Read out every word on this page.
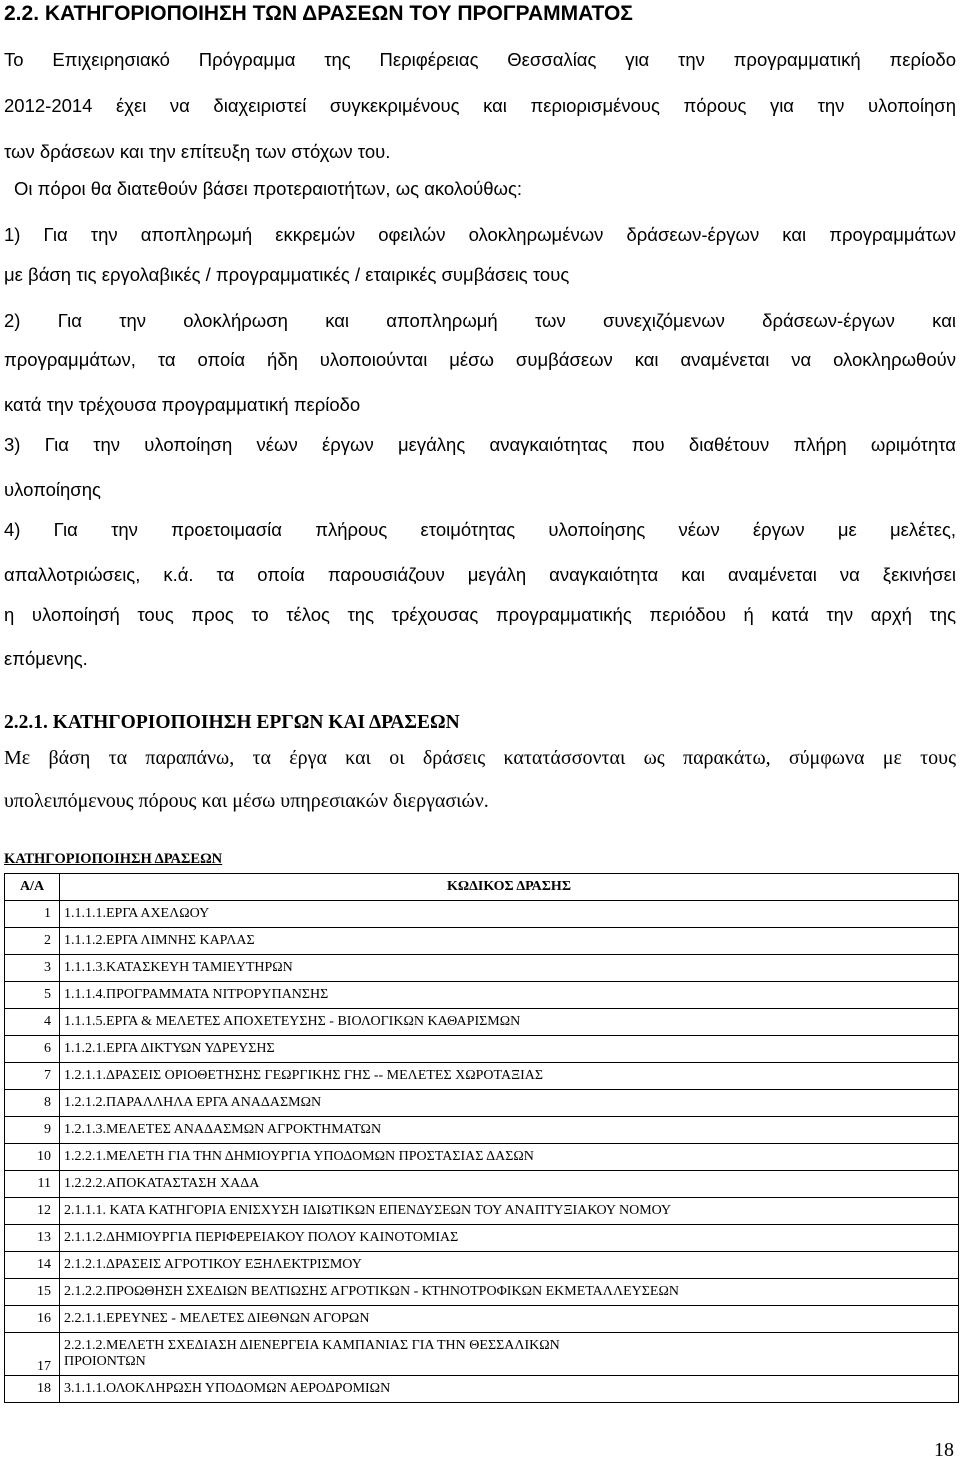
2.2. ΚΑΤΗΓΟΡΙΟΠΟΙΗΣΗ ΤΩΝ ΔΡΑΣΕΩΝ ΤΟΥ ΠΡΟΓΡΑΜΜΑΤΟΣ
Το Επιχειρησιακό Πρόγραμμα της Περιφέρειας Θεσσαλίας για την προγραμματική περίοδο
2012-2014 έχει να διαχειριστεί συγκεκριμένους και περιορισμένους πόρους για την υλοποίηση
των δράσεων και την επίτευξη των στόχων του.
Οι πόροι θα διατεθούν βάσει προτεραιοτήτων, ως ακολούθως:
1) Για την αποπληρωμή εκκρεμών οφειλών ολοκληρωμένων δράσεων-έργων και προγραμμάτων
με βάση τις εργολαβικές / προγραμματικές / εταιρικές συμβάσεις τους
2) Για την ολοκλήρωση και αποπληρωμή των συνεχιζόμενων δράσεων-έργων και
προγραμμάτων, τα οποία ήδη υλοποιούνται μέσω συμβάσεων και αναμένεται να ολοκληρωθούν
κατά την τρέχουσα προγραμματική περίοδο
3) Για την υλοποίηση νέων έργων μεγάλης αναγκαιότητας που διαθέτουν πλήρη ωριμότητα
υλοποίησης
4) Για την προετοιμασία πλήρους ετοιμότητας υλοποίησης νέων έργων με μελέτες,
απαλλοτριώσεις, κ.ά. τα οποία παρουσιάζουν μεγάλη αναγκαιότητα και αναμένεται να ξεκινήσει
η υλοποίησή τους προς το τέλος της τρέχουσας προγραμματικής περιόδου ή κατά την αρχή της
επόμενης.
2.2.1. ΚΑΤΗΓΟΡΙΟΠΟΙΗΣΗ ΕΡΓΩΝ ΚΑΙ ΔΡΑΣΕΩΝ
Με βάση τα παραπάνω, τα έργα και οι δράσεις κατατάσσονται ως παρακάτω, σύμφωνα με τους
υπολειπόμενους πόρους και μέσω υπηρεσιακών διεργασιών.
ΚΑΤΗΓΟΡΙΟΠΟΙΗΣΗ ΔΡΑΣΕΩΝ
Α/Α	ΚΩΔΙΚΟΣ ΔΡΑΣΗΣ
1	1.1.1.1.ΕΡΓΑ ΑΧΕΛΩΟΥ
2	1.1.1.2.ΕΡΓΑ ΛΙΜΝΗΣ ΚΑΡΛΑΣ
3	1.1.1.3.ΚΑΤΑΣΚΕΥΗ ΤΑΜΙΕΥΤΗΡΩΝ
5	1.1.1.4.ΠΡΟΓΡΑΜΜΑΤΑ ΝΙΤΡΟΡΥΠΑΝΣΗΣ
4	1.1.1.5.ΕΡΓΑ & ΜΕΛΕΤΕΣ ΑΠΟΧΕΤΕΥΣΗΣ - ΒΙΟΛΟΓΙΚΩΝ ΚΑΘΑΡΙΣΜΩΝ
6	1.1.2.1.ΕΡΓΑ ΔΙΚΤΥΩΝ ΥΔΡΕΥΣΗΣ
7	1.2.1.1.ΔΡΑΣΕΙΣ ΟΡΙΟΘΕΤΗΣΗΣ ΓΕΩΡΓΙΚΗΣ ΓΗΣ -- ΜΕΛΕΤΕΣ ΧΩΡΟΤΑΞΙΑΣ
8	1.2.1.2.ΠΑΡΑΛΛΗΛΑ ΕΡΓΑ ΑΝΑΔΑΣΜΩΝ
9	1.2.1.3.ΜΕΛΕΤΕΣ ΑΝΑΔΑΣΜΩΝ ΑΓΡΟΚΤΗΜΑΤΩΝ
10	1.2.2.1.ΜΕΛΕΤΗ ΓΙΑ ΤΗΝ ΔΗΜΙΟΥΡΓΙΑ ΥΠΟΔΟΜΩΝ ΠΡΟΣΤΑΣΙΑΣ ΔΑΣΩΝ
11	1.2.2.2.ΑΠΟΚΑΤΑΣΤΑΣΗ ΧΑΔΑ
12	2.1.1.1. ΚΑΤΑ ΚΑΤΗΓΟΡΙΑ ΕΝΙΣΧΥΣΗ ΙΔΙΩΤΙΚΩΝ ΕΠΕΝΔΥΣΕΩΝ ΤΟΥ ΑΝΑΠΤΥΞΙΑΚΟΥ ΝΟΜΟΥ
13	2.1.1.2.ΔΗΜΙΟΥΡΓΙΑ ΠΕΡΙΦΕΡΕΙΑΚΟΥ ΠΟΛΟΥ ΚΑΙΝΟΤΟΜΙΑΣ
14	2.1.2.1.ΔΡΑΣΕΙΣ ΑΓΡΟΤΙΚΟΥ ΕΞΗΛΕΚΤΡΙΣΜΟΥ
15	2.1.2.2.ΠΡΟΩΘΗΣΗ ΣΧΕΔΙΩΝ ΒΕΛΤΙΩΣΗΣ ΑΓΡΟΤΙΚΩΝ - ΚΤΗΝΟΤΡΟΦΙΚΩΝ ΕΚΜΕΤΑΛΛΕΥΣΕΩΝ
16	2.2.1.1.ΕΡΕΥΝΕΣ - ΜΕΛΕΤΕΣ ΔΙΕΘΝΩΝ ΑΓΟΡΩΝ
17	2.2.1.2.ΜΕΛΕΤΗ ΣΧΕΔΙΑΣΗ ΔΙΕΝΕΡΓΕΙΑ ΚΑΜΠΑΝΙΑΣ ΓΙΑ ΤΗΝ ΘΕΣΣΑΛΙΚΩΝ
ΠΡΟΙΟΝΤΩΝ

18	3.1.1.1.ΟΛΟΚΛΗΡΩΣΗ ΥΠΟΔΟΜΩΝ ΑΕΡΟΔΡΟΜΙΩΝ
18
